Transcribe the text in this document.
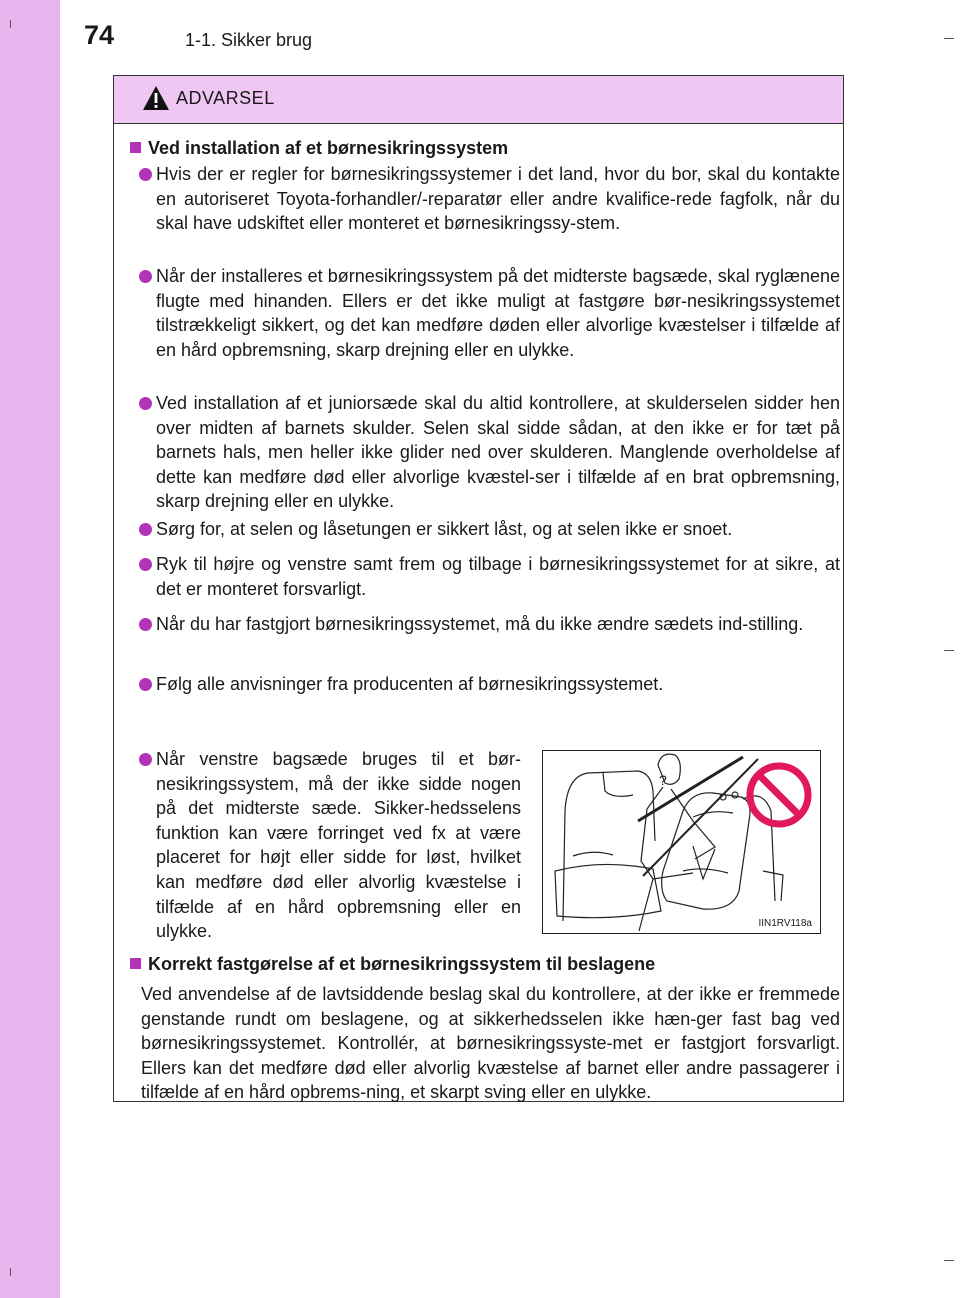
74	1-1. Sikker brug
ADVARSEL
Ved installation af et børnesikringssystem
Hvis der er regler for børnesikringssystemer i det land, hvor du bor, skal du kontakte en autoriseret Toyota-forhandler/-reparatør eller andre kvalifice-rede fagfolk, når du skal have udskiftet eller monteret et børnesikringssy-stem.
Når der installeres et børnesikringssystem på det midterste bagsæde, skal ryglænene flugte med hinanden. Ellers er det ikke muligt at fastgøre bør-nesikringssystemet tilstrækkeligt sikkert, og det kan medføre døden eller alvorlige kvæstelser i tilfælde af en hård opbremsning, skarp drejning eller en ulykke.
Ved installation af et juniorsæde skal du altid kontrollere, at skulderselen sidder hen over midten af barnets skulder. Selen skal sidde sådan, at den ikke er for tæt på barnets hals, men heller ikke glider ned over skulderen. Manglende overholdelse af dette kan medføre død eller alvorlige kvæstel-ser i tilfælde af en brat opbremsning, skarp drejning eller en ulykke.
Sørg for, at selen og låsetungen er sikkert låst, og at selen ikke er snoet.
Ryk til højre og venstre samt frem og tilbage i børnesikringssystemet for at sikre, at det er monteret forsvarligt.
Når du har fastgjort børnesikringssystemet, må du ikke ændre sædets ind-stilling.
Følg alle anvisninger fra producenten af børnesikringssystemet.
Når venstre bagsæde bruges til et bør-nesikringssystem, må der ikke sidde nogen på det midterste sæde. Sikker-hedsselens funktion kan være forringet ved fx at være placeret for højt eller sidde for løst, hvilket kan medføre død eller alvorlig kvæstelse i tilfælde af en hård opbremsning eller en ulykke.
?
IIN1RV118a
Korrekt fastgørelse af et børnesikringssystem til beslagene
Ved anvendelse af de lavtsiddende beslag skal du kontrollere, at der ikke er fremmede genstande rundt om beslagene, og at sikkerhedsselen ikke hæn-ger fast bag ved børnesikringssystemet. Kontrollér, at børnesikringssyste-met er fastgjort forsvarligt. Ellers kan det medføre død eller alvorlig kvæstelse af barnet eller andre passagerer i tilfælde af en hård opbrems-ning, et skarpt sving eller en ulykke.
